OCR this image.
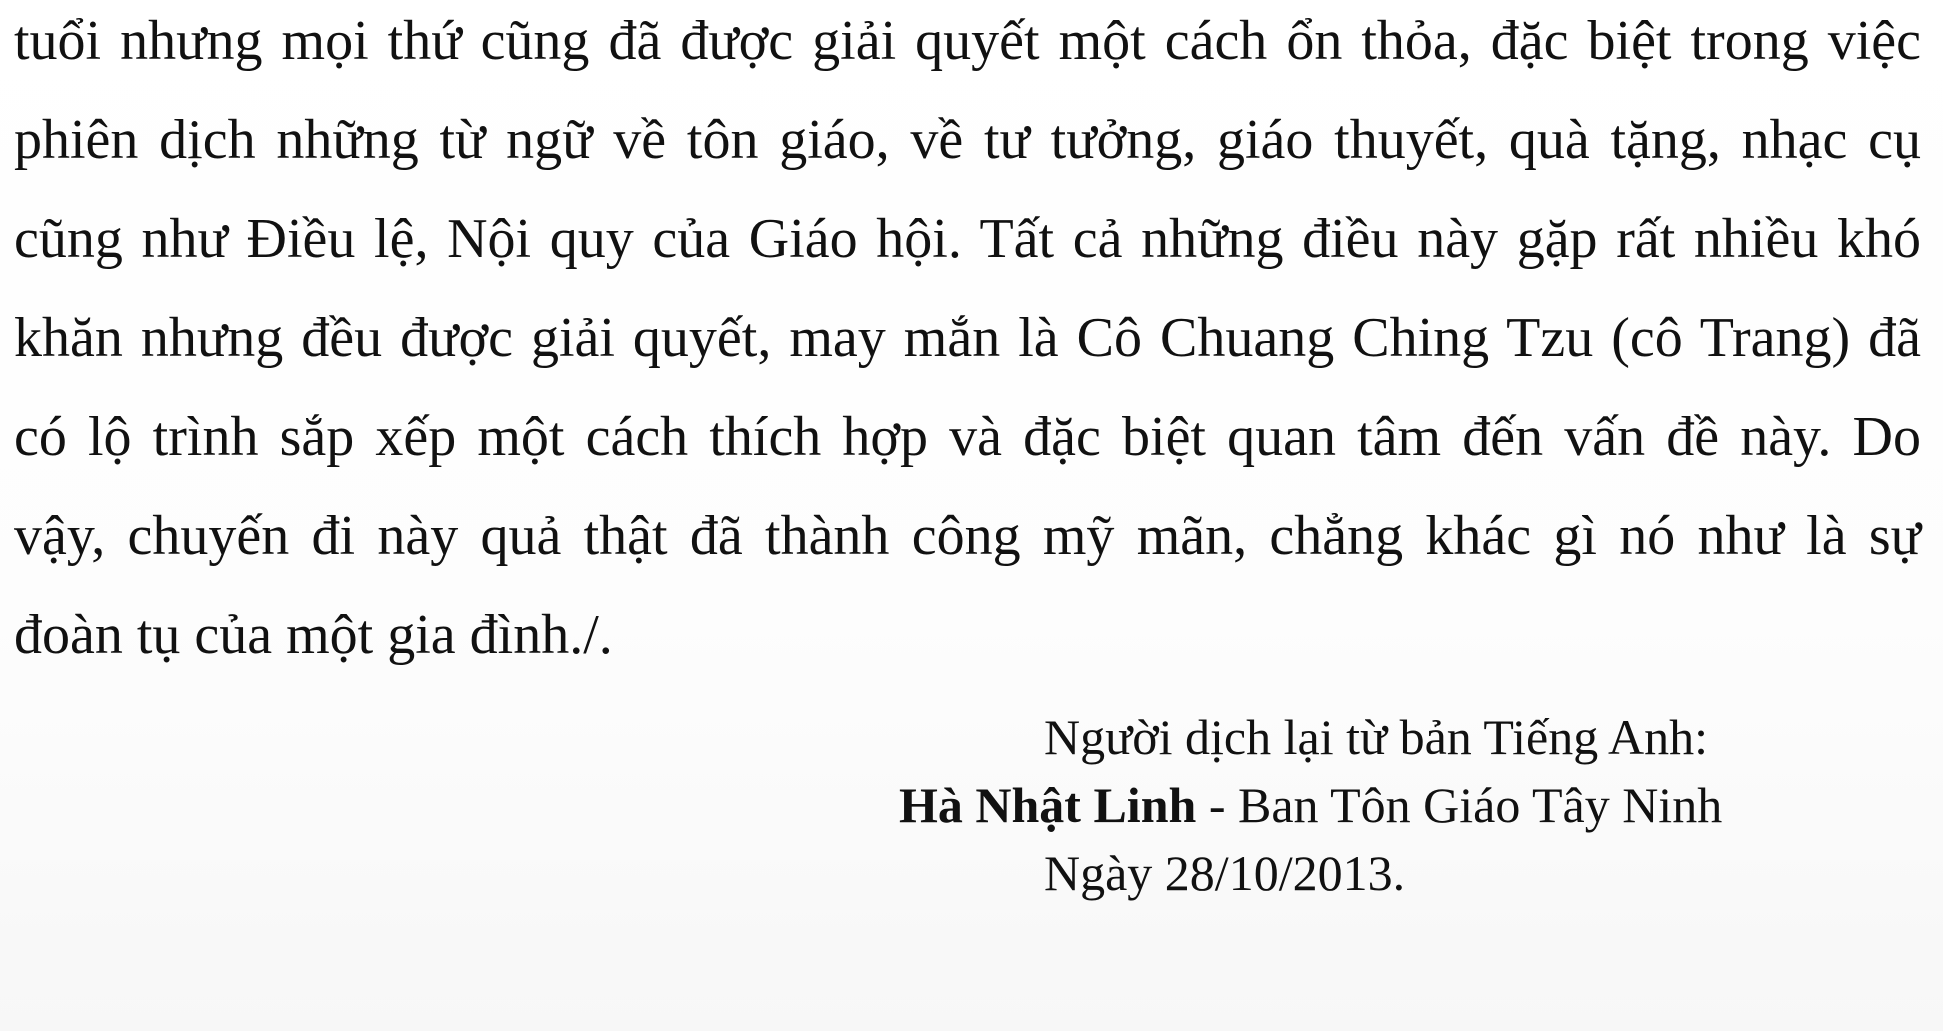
tuổi nhưng mọi thứ cũng đã được giải quyết một cách ổn thỏa, đặc biệt trong việc
phiên dịch những từ ngữ về tôn giáo, về tư tưởng, giáo thuyết, quà tặng, nhạc cụ
cũng như Điều lệ, Nội quy của Giáo hội. Tất cả những điều này gặp rất nhiều khó
khăn nhưng đều được giải quyết, may mắn là Cô Chuang Ching Tzu (cô Trang) đã
có lộ trình sắp xếp một cách thích hợp và đặc biệt quan tâm đến vấn đề này. Do
vậy, chuyến đi này quả thật đã thành công mỹ mãn, chẳng khác gì nó như là sự
đoàn tụ của một gia đình./.
Người dịch lại từ bản Tiếng Anh:
Hà Nhật Linh - Ban Tôn Giáo Tây Ninh
Ngày 28/10/2013.
